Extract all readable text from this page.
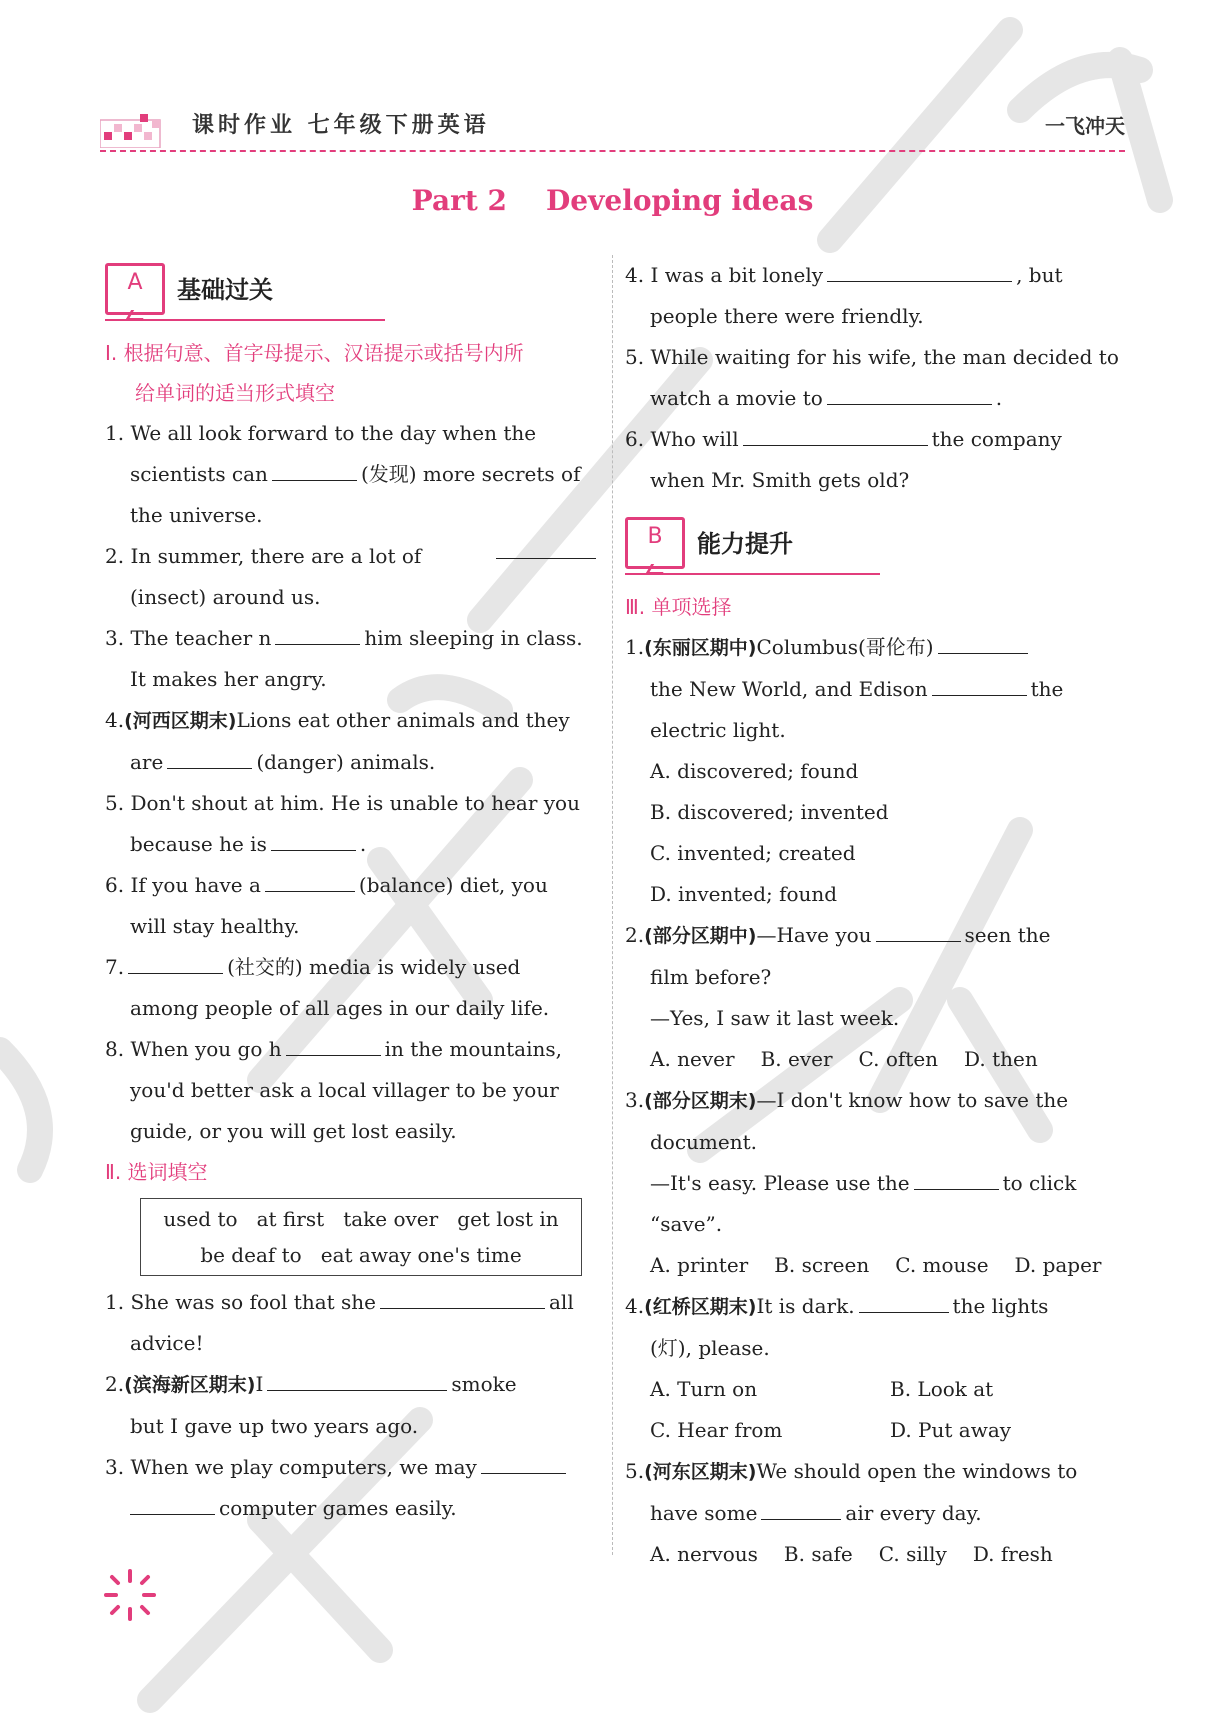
课时作业 七年级下册英语	一飞冲天
Part 2    Developing ideas
A	基础过关
Ⅰ. 根据句意、首字母提示、汉语提示或括号内所
给单词的适当形式填空
1. We all look forward to the day when the
scientists can	(发现) more secrets of
the universe.
2. In summer, there are a lot of
(insect) around us.
3. The teacher n	him sleeping in class.
It makes her angry.
4.(河西区期末)Lions eat other animals and they
are	(danger) animals.
5. Don't shout at him. He is unable to hear you
because he is	.
6. If you have a	(balance) diet, you
will stay healthy.
7.	(社交的) media is widely used
among people of all ages in our daily life.
8. When you go h	in the mountains,
you'd better ask a local villager to be your
guide, or you will get lost easily.
Ⅱ. 选词填空
used to   at first   take over   get lost in
be deaf to   eat away one's time
1. She was so fool that she	all
advice!
2.(滨海新区期末)I	smoke
but I gave up two years ago.
3. When we play computers, we may
computer games easily.
4. I was a bit lonely	, but
people there were friendly.
5. While waiting for his wife, the man decided to
watch a movie to	.
6. Who will	the company
when Mr. Smith gets old?
B	能力提升
Ⅲ. 单项选择
1.(东丽区期中)Columbus(哥伦布)
the New World, and Edison	the
electric light.
A. discovered; found
B. discovered; invented
C. invented; created
D. invented; found
2.(部分区期中)—Have you	seen the
film before?
—Yes, I saw it last week.
A. never B. ever C. often D. then
3.(部分区期末)—I don't know how to save the
document.
—It's easy. Please use the	to click
“save”.
A. printer B. screen C. mouse D. paper
4.(红桥区期末)It is dark.	the lights
(灯), please.
A. Turn on	B. Look at
C. Hear from	D. Put away
5.(河东区期末)We should open the windows to
have some	air every day.
A. nervous B. safe C. silly D. fresh
